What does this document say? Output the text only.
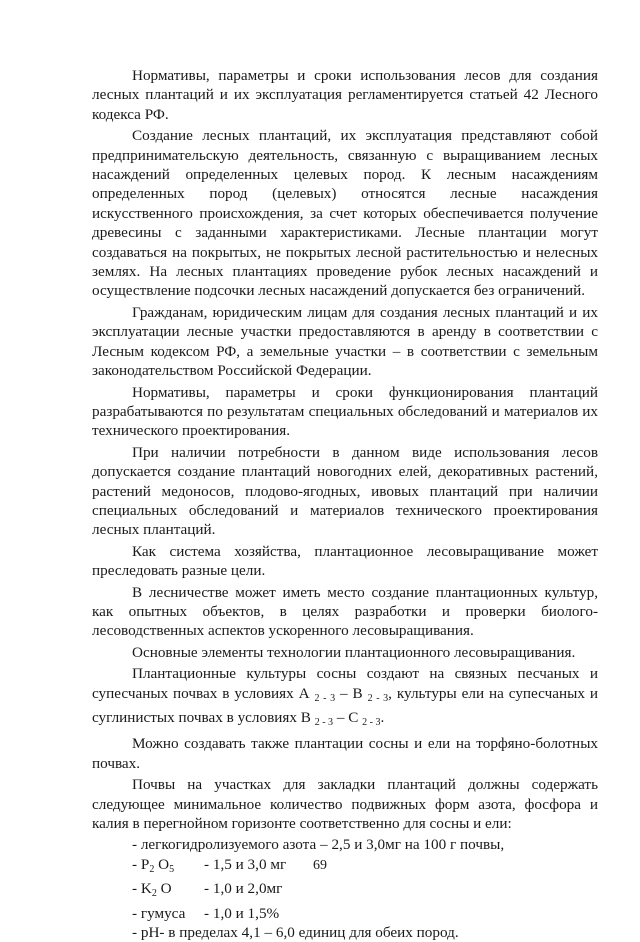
Нормативы, параметры и сроки использования лесов для создания лесных плантаций и их эксплуатация регламентируется статьей 42 Лесного кодекса РФ.

Создание лесных плантаций, их эксплуатация представляют собой предпринимательскую деятельность, связанную с выращиванием лесных насаждений определенных целевых пород. К лесным насаждениям определенных пород (целевых) относятся лесные насаждения искусственного происхождения, за счет которых обеспечивается получение древесины с заданными характеристиками. Лесные плантации могут создаваться на покрытых, не покрытых лесной растительностью и нелесных землях. На лесных плантациях проведение рубок лесных насаждений и осуществление подсочки лесных насаждений допускается без ограничений.

Гражданам, юридическим лицам для создания лесных плантаций и их эксплуатации лесные участки предоставляются в аренду в соответствии с Лесным кодексом РФ, а земельные участки – в соответствии с земельным законодательством Российской Федерации.

Нормативы, параметры и сроки функционирования плантаций разрабатываются по результатам специальных обследований и материалов их технического проектирования.

При наличии потребности в данном виде использования лесов допускается создание плантаций новогодних елей, декоративных растений, растений медоносов, плодово-ягодных, ивовых плантаций при наличии специальных обследований и материалов технического проектирования лесных плантаций.

Как система хозяйства, плантационное лесовыращивание может преследовать разные цели.

В лесничестве может иметь место создание плантационных культур, как опытных объектов, в целях разработки и проверки биолого-лесоводственных аспектов ускоренного лесовыращивания.

Основные элементы технологии плантационного лесовыращивания.

Плантационные культуры сосны создают на связных песчаных и супесчаных почвах в условиях А $_{2 - 3}$ – В $_{2 - 3}$, культуры ели на супесчаных и суглинистых почвах в условиях В $_{2 - 3}$ – С $_{2 - 3}$.

Можно создавать также плантации сосны и ели на торфяно-болотных почвах.

Почвы на участках для закладки плантаций должны содержать следующее минимальное количество подвижных форм азота, фосфора и калия в перегнойном горизонте соответственно для сосны и ели:

- легкогидролизуемого азота – 2,5 и 3,0мг на 100 г почвы,
- $P_2$ $O_5$	- 1,5 и 3,0 мг
- $K_2$ O	- 1,0 и 2,0мг
- гумуса	- 1,0 и 1,5%
- pH - в пределах 4,1 – 6,0 единиц для обеих пород.
69
